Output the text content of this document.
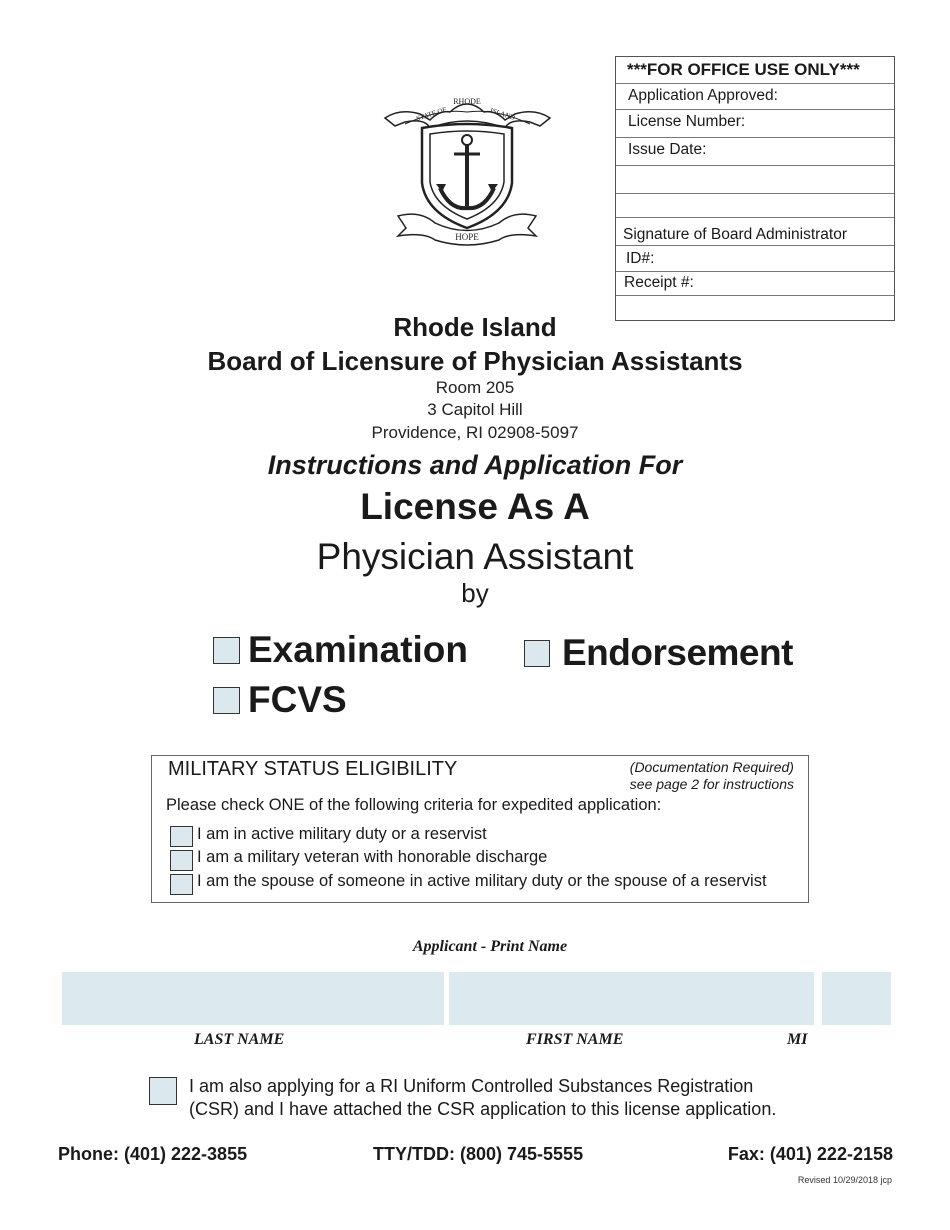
RHODE
STATE OF	ISLAND
HOPE
***FOR OFFICE USE ONLY***
Application Approved:
License Number:
Issue Date:
Signature of Board Administrator
ID#:
Receipt #:
Rhode Island
Board of Licensure of Physician Assistants
Room 205
3 Capitol Hill
Providence, RI 02908-5097
Instructions and Application For
License As A
Physician Assistant
by
Examination	Endorsement
FCVS
MILITARY STATUS ELIGIBILITY	(Documentation Required)
see page 2 for instructions
Please check ONE of the following criteria for expedited application:
I am in active military duty or a reservist
I am a military veteran with honorable discharge
I am the spouse of someone in active military duty or the spouse of a reservist
Applicant - Print Name
LAST NAME	FIRST NAME	MI
I am also applying for a RI Uniform Controlled Substances Registration
(CSR) and I have attached the CSR application to this license application.
Phone: (401) 222-3855	TTY/TDD: (800) 745-5555	Fax: (401) 222-2158
Revised 10/29/2018 jcp
